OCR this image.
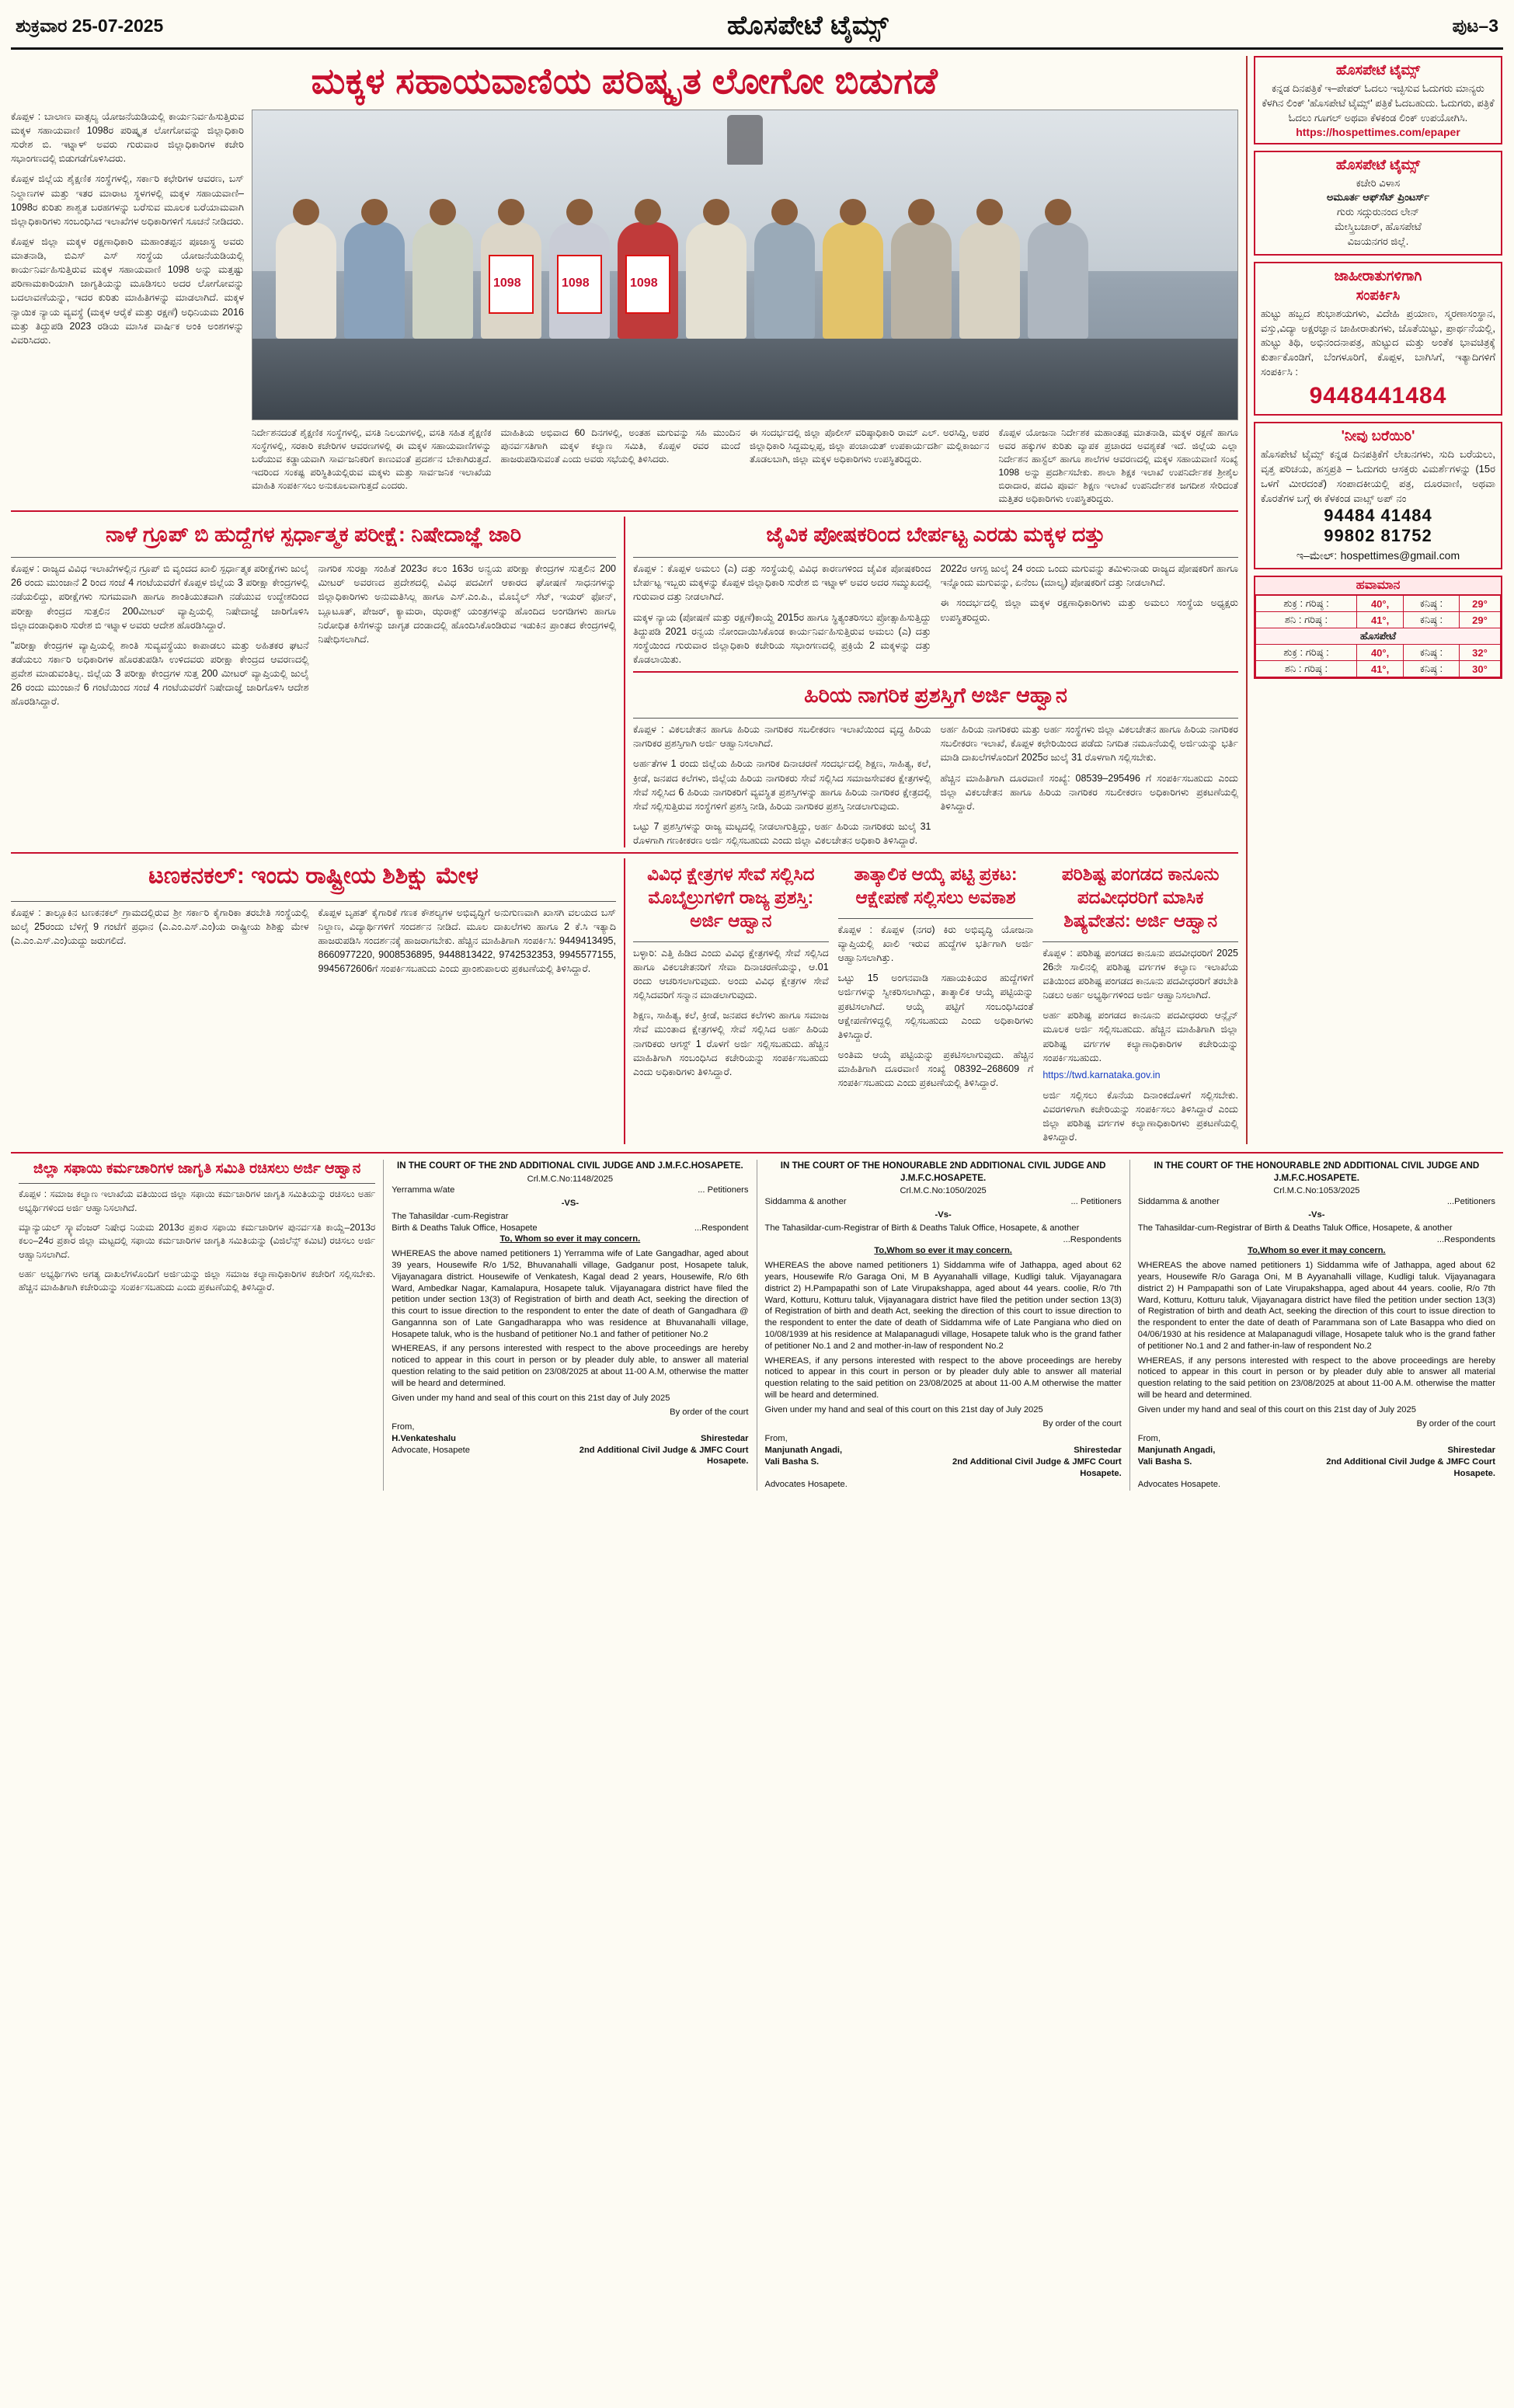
ಶುಕ್ರವಾರ 25-07-2025	ಹೊಸಪೇಟೆ ಟೈಮ್ಸ್	ಪುಟ–3
ಮಕ್ಕಳ ಸಹಾಯವಾಣಿಯ ಪರಿಷ್ಕೃತ ಲೋಗೋ ಬಿಡುಗಡೆ
ಕೊಪ್ಪಳ : ಬಾಲಾಣ ವಾತ್ಸಲ್ಯ ಯೋಜನೆಯಡಿಯಲ್ಲಿ ಕಾರ್ಯನಿರ್ವಹಿಸುತ್ತಿರುವ ಮಕ್ಕಳ ಸಹಾಯವಾಣಿ 1098ರ ಪರಿಷ್ಕೃತ ಲೋಗೋವನ್ನು ಜಿಲ್ಲಾಧಿಕಾರಿ ಸುರೇಶ ಬಿ. ಇಟ್ನಾಳ್ ಅವರು ಗುರುವಾರ ಜಿಲ್ಲಾಧಿಕಾರಿಗಳ ಕಚೇರಿ ಸಭಾಂಗಣದಲ್ಲಿ ಬಿಡುಗಡೆಗೊಳಿಸಿದರು.
ಕೊಪ್ಪಳ ಜಿಲ್ಲೆಯ ಶೈಕ್ಷಣಿಕ ಸಂಸ್ಥೆಗಳಲ್ಲಿ, ಸರ್ಕಾರಿ ಕಛೇರಿಗಳ ಆವರಣ, ಬಸ್ ನಿಲ್ದಾಣಗಳ ಮತ್ತು ಇತರ ಮಾರಾಟ ಸ್ಥಳಗಳಲ್ಲಿ ಮಕ್ಕಳ ಸಹಾಯವಾಣಿ–1098ರ ಕುರಿತು ಶಾಶ್ವತ ಬರಹಗಳನ್ನು ಬರೆಸುವ ಮೂಲಕ ಬರೆಯಾಮವಾಗಿ ಜಿಲ್ಲಾಧಿಕಾರಿಗಳು ಸಂಬಂಧಿಸಿದ ಇಲಾಖೆಗಳ ಅಧಿಕಾರಿಗಳಿಗೆ ಸೂಚನೆ ನೀಡಿದರು.
ಕೊಪ್ಪಳ ಜಿಲ್ಲಾ ಮಕ್ಕಳ ರಕ್ಷಣಾಧಿಕಾರಿ ಮಹಾಂತಪ್ಪನ ಪೂಜಾಸ್ಥ ಅವರು ಮಾತನಾಡಿ, ಬಿಎಸ್ ಎಸ್ ಸಂಸ್ಥೆಯ ಯೋಜನೆಯಡಿಯಲ್ಲಿ ಕಾರ್ಯನಿರ್ವಹಿಸುತ್ತಿರುವ ಮಕ್ಕಳ ಸಹಾಯವಾಣಿ 1098 ಅನ್ನು ಮತ್ತಷ್ಟು ಪರಿಣಾಮಕಾರಿಯಾಗಿ ಜಾಗೃತಿಯನ್ನು ಮೂಡಿಸಲು ಅದರ ಲೋಗೋವನ್ನು ಬದಲಾವಣೆಯನ್ನು, ಇದರ ಕುರಿತು ಮಾಹಿತಿಗಳನ್ನು ಮಾಡಲಾಗಿದೆ. ಮಕ್ಕಳ ನ್ಯಾಯಿಕ ನ್ಯಾಯ ವ್ಯವಸ್ಥೆ (ಮಕ್ಕಳ ಆರೈಕೆ ಮತ್ತು ರಕ್ಷಣೆ) ಅಧಿನಿಯಮ 2016 ಮತ್ತು ತಿದ್ದುಪಡಿ 2023 ರಡಿಯ ಮಾಸಿಕ ವಾರ್ಷಿಕ ಅಂಕಿ ಅಂಶಗಳನ್ನು ವಿವರಿಸಿದರು.
1098
1098
1098
ನಿರ್ದೇಶನದಂತೆ ಶೈಕ್ಷಣಿಕ ಸಂಸ್ಥೆಗಳಲ್ಲಿ, ವಸತಿ ನಿಲಯಗಳಲ್ಲಿ, ವಸತಿ ಸಹಿತ ಶೈಕ್ಷಣಿಕ ಸಂಸ್ಥೆಗಳಲ್ಲಿ, ಸರಕಾರಿ ಕಚೇರಿಗಳ ಆವರಣಗಳಲ್ಲಿ ಈ ಮಕ್ಕಳ ಸಹಾಯವಾಣಿಗಳನ್ನು ಬರೆಯುವ ಕಡ್ಡಾಯವಾಗಿ ಸಾರ್ವಜನಿಕರಿಗೆ ಕಾಣುವಂತೆ ಪ್ರದರ್ಶನ ಬೇಕಾಗಿರುತ್ತದೆ. ಇದರಿಂದ ಸಂಕಷ್ಟ ಪರಿಸ್ಥಿತಿಯಲ್ಲಿರುವ ಮಕ್ಕಳು ಮತ್ತು ಸಾರ್ವಜನಿಕ ಇಲಾಖೆಯ ಮಾಹಿತಿ ಸಂಪರ್ಕಿಸಲು ಅನುಕೂಲವಾಗುತ್ತದೆ ಎಂದರು.
ಮಾಹಿತಿಯ ಅಭಿವಾದ 60 ದಿನಗಳಲ್ಲಿ, ಅಂತಹ ಮಗುವನ್ನು ಸಹಿ ಮುಂದಿನ ಪುನರ್ವಸತಿಗಾಗಿ ಮಕ್ಕಳ ಕಲ್ಯಾಣ ಸಮಿತಿ, ಕೊಪ್ಪಳ ರವರ ಮಂದೆ ಹಾಜರುಪಡಿಸುವಂತೆ ಎಂದು ಅವರು ಸಭೆಯಲ್ಲಿ ತಿಳಿಸಿದರು.
ಈ ಸಂದರ್ಭದಲ್ಲಿ ಜಿಲ್ಲಾ ಪೊಲೀಸ್ ವರಿಷ್ಠಾಧಿಕಾರಿ ರಾಮ್ ಎಲ್. ಅರಸಿದ್ದಿ, ಅಪರ ಜಿಲ್ಲಾಧಿಕಾರಿ ಸಿದ್ದಮಲ್ಲಪ್ಪ, ಜಿಲ್ಲಾ ಪಂಚಾಯತ್ ಉಪಕಾರ್ಯದರ್ಶಿ ಮಲ್ಲಿಕಾರ್ಜುನ ತೊಡಲಬಾಗಿ, ಜಿಲ್ಲಾ ಮಕ್ಕಳ ಅಧಿಕಾರಿಗಳು ಉಪಸ್ಥಿತರಿದ್ದರು.
ಕೊಪ್ಪಳ ಯೋಜನಾ ನಿರ್ದೇಶಕ ಮಹಾಂತಪ್ಪ ಮಾತನಾಡಿ, ಮಕ್ಕಳ ರಕ್ಷಣೆ ಹಾಗೂ ಅವರ ಹಕ್ಕುಗಳ ಕುರಿತು ವ್ಯಾಪಕ ಪ್ರಚಾರದ ಅವಶ್ಯಕತೆ ಇದೆ. ಜಿಲ್ಲೆಯ ಎಲ್ಲಾ ನಿರ್ದೇಶನ ಹಾಸ್ಟೆಲ್ ಹಾಗೂ ಶಾಲೆಗಳ ಆವರಣದಲ್ಲಿ ಮಕ್ಕಳ ಸಹಾಯವಾಣಿ ಸಂಖ್ಯೆ 1098 ಅನ್ನು ಪ್ರದರ್ಶಿಸಬೇಕು. ಶಾಲಾ ಶಿಕ್ಷಕ ಇಲಾಖೆ ಉಪನಿರ್ದೇಶಕ ಶ್ರೀಶೈಲ ಬಿರಾದಾರ, ಪದವಿ ಪೂರ್ವ ಶಿಕ್ಷಣ ಇಲಾಖೆ ಉಪನಿರ್ದೇಶಕ ಜಗದೀಶ ಸೇರಿದಂತೆ ಮತ್ತಿತರ ಅಧಿಕಾರಿಗಳು ಉಪಸ್ಥಿತರಿದ್ದರು.
ನಾಳೆ ಗ್ರೂಪ್ ಬಿ ಹುದ್ದೆಗಳ ಸ್ಪರ್ಧಾತ್ಮಕ ಪರೀಕ್ಷೆ: ನಿಷೇದಾಜ್ಞೆ ಜಾರಿ
ಕೊಪ್ಪಳ : ರಾಜ್ಯದ ವಿವಿಧ ಇಲಾಖೆಗಳಲ್ಲಿನ ಗ್ರೂಪ್ ಬಿ ವೃಂದದ ಖಾಲಿ ಸ್ಪರ್ಧಾತ್ಮಕ ಪರೀಕ್ಷೆಗಳು ಜುಲೈ 26 ರಂದು ಮುಂಜಾನೆ 2 ರಿಂದ ಸಂಜೆ 4 ಗಂಟೆಯವರೆಗೆ ಕೊಪ್ಪಳ ಜಿಲ್ಲೆಯ 3 ಪರೀಕ್ಷಾ ಕೇಂದ್ರಗಳಲ್ಲಿ ನಡೆಯಲಿದ್ದು, ಪರೀಕ್ಷೆಗಳು ಸುಗಮವಾಗಿ ಹಾಗೂ ಶಾಂತಿಯುತವಾಗಿ ನಡೆಯುವ ಉದ್ದೇಶದಿಂದ ಪರೀಕ್ಷಾ ಕೇಂದ್ರದ ಸುತ್ತಲಿನ 200ಮೀಟರ್ ವ್ಯಾಪ್ತಿಯಲ್ಲಿ ನಿಷೇದಾಜ್ಞೆ ಜಾರಿಗೊಳಿಸಿ ಜಿಲ್ಲಾದಂಡಾಧಿಕಾರಿ ಸುರೇಶ ಬಿ ಇಟ್ನಾಳ ಅವರು ಆದೇಶ ಹೊರಡಿಸಿದ್ದಾರೆ.
"ಪರೀಕ್ಷಾ ಕೇಂದ್ರಗಳ ವ್ಯಾಪ್ತಿಯಲ್ಲಿ ಶಾಂತಿ ಸುವ್ಯವಸ್ಥೆಯು ಕಾಪಾಡಲು ಮತ್ತು ಅಹಿತಕರ ಘಟನೆ ತಡೆಯಲು ಸರ್ಕಾರಿ ಅಧಿಕಾರಿಗಳ ಹೊರತುಪಡಿಸಿ ಉಳಿದವರು ಪರೀಕ್ಷಾ ಕೇಂದ್ರದ ಆವರಣದಲ್ಲಿ ಪ್ರವೇಶ ಮಾಡುವಂತಿಲ್ಲ. ಜಿಲ್ಲೆಯ 3 ಪರೀಕ್ಷಾ ಕೇಂದ್ರಗಳ ಸುತ್ತ 200 ಮೀಟರ್ ವ್ಯಾಪ್ತಿಯಲ್ಲಿ ಜುಲೈ 26 ರಂದು ಮುಂಜಾನೆ 6 ಗಂಟೆಯಿಂದ ಸಂಜೆ 4 ಗಂಟೆಯವರೆಗೆ ನಿಷೇದಾಜ್ಞೆ ಜಾರಿಗೊಳಿಸಿ ಆದೇಶ ಹೊರಡಿಸಿದ್ದಾರೆ.
ನಾಗರಿಕ ಸುರಕ್ಷಾ ಸಂಹಿತೆ 2023ರ ಕಲಂ 163ರ ಅನ್ವಯ ಪರೀಕ್ಷಾ ಕೇಂದ್ರಗಳ ಸುತ್ತಲಿನ 200 ಮೀಟರ್ ಅವರಣದ ಪ್ರದೇಶದಲ್ಲಿ ವಿವಿಧ ಪದವೀಗೆ ಆಕಾರದ ಘೋಷಣೆ ಸಾಧನಗಳನ್ನು ಜಿಲ್ಲಾಧಿಕಾರಿಗಳು ಅನುಮತಿಸಿಲ್ಲ ಹಾಗೂ ಎಸ್.ಎಂ.ಪಿ., ಮೊಬೈಲ್ ಸೆಟ್, ಇಯರ್ ಫೋನ್, ಬ್ಲೂಟೂತ್, ಪೇಜರ್, ಕ್ಯಾಮರಾ, ಝರಾಕ್ಸ್ ಯಂತ್ರಗಳನ್ನು ಹೊಂದಿದ ಅಂಗಡಿಗಳು ಹಾಗೂ ನಿರೋಧಿತ ಕಿಸೆಗಳನ್ನು ಜಾಗೃತ ದಂಡಾದಲ್ಲಿ ಹೊಂದಿಸಿಕೊಂಡಿರುವ ಇಡುಕಿನ ಪ್ರಾಂತದ ಕೇಂದ್ರಗಳಲ್ಲಿ ನಿಷೇಧಿಸಲಾಗಿದೆ.
ಜೈವಿಕ ಪೋಷಕರಿಂದ ಬೇರ್ಪಟ್ಟ ಎರಡು ಮಕ್ಕಳ ದತ್ತು
ಕೊಪ್ಪಳ : ಕೊಪ್ಪಳ ಅಮಲು (ಎ) ದತ್ತು ಸಂಸ್ಥೆಯಲ್ಲಿ ವಿವಿಧ ಕಾರಣಗಳಿಂದ ಜೈವಿಕ ಪೋಷಕರಿಂದ ಬೇರ್ಪಟ್ಟ ಇಬ್ಬರು ಮಕ್ಕಳನ್ನು ಕೊಪ್ಪಳ ಜಿಲ್ಲಾಧಿಕಾರಿ ಸುರೇಶ ಬಿ ಇಟ್ನಾಳ್ ಅವರ ಅದರ ಸಮ್ಮುಖದಲ್ಲಿ ಗುರುವಾರ ದತ್ತು ನೀಡಲಾಗಿದೆ.
ಮಕ್ಕಳ ನ್ಯಾಯ (ಪೋಷಣೆ ಮತ್ತು ರಕ್ಷಣೆ)ಕಾಯ್ದೆ 2015ರ ಹಾಗೂ ಸ್ಥಿತ್ಯಂತರಿಸಲು ಪ್ರೋತ್ಸಾಹಿಸುತ್ತಿದ್ದು ತಿದ್ದುಪಡಿ 2021 ರನ್ವಯ ನೋಂದಾಯಿಸಿಕೊಂಡ ಕಾರ್ಯನಿರ್ವಹಿಸುತ್ತಿರುವ ಅಮಲು (ಎ) ದತ್ತು ಸಂಸ್ಥೆಯಿಂದ ಗುರುವಾರ ಜಿಲ್ಲಾಧಿಕಾರಿ ಕಚೇರಿಯ ಸಭಾಂಗಣದಲ್ಲಿ ಪ್ರಕ್ರಿಯೆ 2 ಮಕ್ಕಳನ್ನು ದತ್ತು ಕೊಡಲಾಯಿತು.
2022ರ ಆಗಸ್ಟ ಜುಲೈ 24 ರಂದು ಒಂದು ಮಗುವನ್ನು ತಮಿಳುನಾಡು ರಾಜ್ಯದ ಪೋಷಕರಿಗೆ ಹಾಗೂ ಇನ್ನೊಂದು ಮಗುವನ್ನು, ಏನೆಂಬ (ಮಾಲ್ಯ) ಪೋಷಕರಿಗೆ ದತ್ತು ನೀಡಲಾಗಿದೆ.
ಈ ಸಂದರ್ಭದಲ್ಲಿ ಜಿಲ್ಲಾ ಮಕ್ಕಳ ರಕ್ಷಣಾಧಿಕಾರಿಗಳು ಮತ್ತು ಅಮಲು ಸಂಸ್ಥೆಯ ಅಧ್ಯಕ್ಷರು ಉಪಸ್ಥಿತರಿದ್ದರು.
ಹಿರಿಯ ನಾಗರಿಕ ಪ್ರಶಸ್ತಿಗೆ ಅರ್ಜಿ ಆಹ್ವಾನ
ಕೊಪ್ಪಳ : ವಿಕಲಚೇತನ ಹಾಗೂ ಹಿರಿಯ ನಾಗರಿಕರ ಸಬಲೀಕರಣ ಇಲಾಖೆಯಿಂದ ವೃದ್ಧ ಹಿರಿಯ ನಾಗರಿಕರ ಪ್ರಶಸ್ತಿಗಾಗಿ ಅರ್ಜಿ ಆಹ್ವಾನಿಸಲಾಗಿದೆ.
ಅರ್ಹತೆಗಳ 1 ರಂದು ಜಿಲ್ಲೆಯ ಹಿರಿಯ ನಾಗರಿಕ ದಿನಾಚರಣೆ ಸಂದರ್ಭದಲ್ಲಿ ಶಿಕ್ಷಣ, ಸಾಹಿತ್ಯ, ಕಲೆ, ಕ್ರೀಡೆ, ಜನಪದ ಕಲೆಗಳು, ಜಿಲ್ಲೆಯ ಹಿರಿಯ ನಾಗರಿಕರು ಸೇವೆ ಸಲ್ಲಿಸಿದ ಸಮಾಜಸೇವಕರ ಕ್ಷೇತ್ರಗಳಲ್ಲಿ ಸೇವೆ ಸಲ್ಲಿಸಿದ 6 ಹಿರಿಯ ನಾಗರಿಕರಿಗೆ ವ್ಯವಸ್ಥಿತ ಪ್ರಶಸ್ತಿಗಳನ್ನು ಹಾಗೂ ಹಿರಿಯ ನಾಗರಿಕರ ಕ್ಷೇತ್ರದಲ್ಲಿ ಸೇವೆ ಸಲ್ಲಿಸುತ್ತಿರುವ ಸಂಸ್ಥೆಗಳಿಗೆ ಪ್ರಶಸ್ತಿ ನೀಡಿ, ಹಿರಿಯ ನಾಗರಿಕರ ಪ್ರಶಸ್ತಿ ನೀಡಲಾಗುವುದು.
ಒಟ್ಟು 7 ಪ್ರಶಸ್ತಿಗಳನ್ನು ರಾಜ್ಯ ಮಟ್ಟದಲ್ಲಿ ನೀಡಲಾಗುತ್ತಿದ್ದು, ಅರ್ಹ ಹಿರಿಯ ನಾಗರಿಕರು ಜುಲೈ 31 ರೊಳಗಾಗಿ ಗಣಕೀಕರಣ ಅರ್ಜಿ ಸಲ್ಲಿಸಬಹುದು ಎಂದು ಜಿಲ್ಲಾ ವಿಕಲಚೇತನ ಅಧಿಕಾರಿ ತಿಳಿಸಿದ್ದಾರೆ.
ಅರ್ಹ ಹಿರಿಯ ನಾಗರಿಕರು ಮತ್ತು ಅರ್ಹ ಸಂಸ್ಥೆಗಳು ಜಿಲ್ಲಾ ವಿಕಲಚೇತನ ಹಾಗೂ ಹಿರಿಯ ನಾಗರಿಕರ ಸಬಲೀಕರಣ ಇಲಾಖೆ, ಕೊಪ್ಪಳ ಕಛೇರಿಯಿಂದ ಪಡೆದು ನಿಗದಿತ ನಮೂನೆಯಲ್ಲಿ ಅರ್ಜಿಯನ್ನು ಭರ್ತಿ ಮಾಡಿ ದಾಖಲೆಗಳೊಂದಿಗೆ 2025ರ ಜುಲೈ 31 ರೊಳಗಾಗಿ ಸಲ್ಲಿಸಬೇಕು.
ಹೆಚ್ಚಿನ ಮಾಹಿತಿಗಾಗಿ ದೂರವಾಣಿ ಸಂಖ್ಯೆ: 08539–295496 ಗೆ ಸಂಪರ್ಕಿಸಬಹುದು ಎಂದು ಜಿಲ್ಲಾ ವಿಕಲಚೇತನ ಹಾಗೂ ಹಿರಿಯ ನಾಗರಿಕರ ಸಬಲೀಕರಣ ಅಧಿಕಾರಿಗಳು ಪ್ರಕಟಣೆಯಲ್ಲಿ ತಿಳಿಸಿದ್ದಾರೆ.
ಟಣಕನಕಲ್: ಇಂದು ರಾಷ್ಟ್ರೀಯ ಶಿಶಿಕ್ಷು ಮೇಳ
ಕೊಪ್ಪಳ : ತಾಲ್ಲೂಕಿನ ಟಣಕನಕಲ್ ಗ್ರಾಮದಲ್ಲಿರುವ ಶ್ರೀ ಸರ್ಕಾರಿ ಕೈಗಾರಿಕಾ ತರಬೇತಿ ಸಂಸ್ಥೆಯಲ್ಲಿ ಜುಲೈ 25ರಂದು ಬೆಳಿಗ್ಗೆ 9 ಗಂಟೆಗೆ ಪ್ರಧಾನ (ಎ.ಎಂ.ಎಸ್.ಎಂ)ಯ ರಾಷ್ಟ್ರೀಯ ಶಿಶಿಕ್ಷು ಮೇಳ (ಎ.ಎಂ.ಎಸ್.ಎಂ)ಯದ್ದು ಜರುಗಲಿದೆ.
ಕೊಪ್ಪಳ ಬೃಹತ್ ಕೈಗಾರಿಕೆ ಗಣಕ ಕೌಶಲ್ಯಗಳ ಅಭಿವೃದ್ಧಿಗೆ ಅನುಗುಣವಾಗಿ ಖಾಸಗಿ ವಲಯದ ಬಸ್ ನಿಲ್ದಾಣ, ವಿದ್ಯಾರ್ಥಿಗಳಿಗೆ ಸಂದರ್ಶನ ನೀಡಿದೆ. ಮೂಲ ದಾಖಲೆಗಳು ಹಾಗೂ 2 ಕೆ.ಸಿ ಇತ್ಯಾದಿ ಹಾಜರುಪಡಿಸಿ ಸಂದರ್ಶನಕ್ಕೆ ಹಾಜರಾಗಬೇಕು. ಹೆಚ್ಚಿನ ಮಾಹಿತಿಗಾಗಿ ಸಂಪರ್ಕಿಸಿ: 9449413495, 8660977220, 9008536895, 9448813422, 9742532353, 9945577155, 9945672606ಗೆ ಸಂಪರ್ಕಿಸಬಹುದು ಎಂದು ಪ್ರಾಂಶುಪಾಲರು ಪ್ರಕಟಣೆಯಲ್ಲಿ ತಿಳಿಸಿದ್ದಾರೆ.
ವಿವಿಧ ಕ್ಷೇತ್ರಗಳ ಸೇವೆ ಸಲ್ಲಿಸಿದ ಮೊಬೈಲ್ರುಗಳಿಗೆ ರಾಜ್ಯ ಪ್ರಶಸ್ತಿ: ಅರ್ಜಿ ಆಹ್ವಾನ
ಬಳ್ಳಾರಿ: ಎತ್ತಿ ಹಿಡಿದ ಎಂದು ವಿವಿಧ ಕ್ಷೇತ್ರಗಳಲ್ಲಿ ಸೇವೆ ಸಲ್ಲಿಸಿದ ಹಾಗೂ ವಿಕಲಚೇತನರಿಗೆ ಸೇವಾ ದಿನಾಚರಣೆಯನ್ನು, ಆ.01 ರಂದು ಆಚರಿಸಲಾಗುವುದು. ಅಂದು ವಿವಿಧ ಕ್ಷೇತ್ರಗಳ ಸೇವೆ ಸಲ್ಲಿಸಿದವರಿಗೆ ಸನ್ಮಾನ ಮಾಡಲಾಗುವುದು.
ಶಿಕ್ಷಣ, ಸಾಹಿತ್ಯ, ಕಲೆ, ಕ್ರೀಡೆ, ಜನಪದ ಕಲೆಗಳು ಹಾಗೂ ಸಮಾಜ ಸೇವೆ ಮುಂತಾದ ಕ್ಷೇತ್ರಗಳಲ್ಲಿ ಸೇವೆ ಸಲ್ಲಿಸಿದ ಅರ್ಹ ಹಿರಿಯ ನಾಗರಿಕರು ಆಗಸ್ಟ್ 1 ರೊಳಗೆ ಅರ್ಜಿ ಸಲ್ಲಿಸಬಹುದು. ಹೆಚ್ಚಿನ ಮಾಹಿತಿಗಾಗಿ ಸಂಬಂಧಿಸಿದ ಕಚೇರಿಯನ್ನು ಸಂಪರ್ಕಿಸಬಹುದು ಎಂದು ಅಧಿಕಾರಿಗಳು ತಿಳಿಸಿದ್ದಾರೆ.
ತಾತ್ಕಾಲಿಕ ಆಯ್ಕೆ ಪಟ್ಟಿ ಪ್ರಕಟ: ಆಕ್ಷೇಪಣೆ ಸಲ್ಲಿಸಲು ಅವಕಾಶ
ಕೊಪ್ಪಳ : ಕೊಪ್ಪಳ (ನಗರ) ಕಿರು ಅಭಿವೃದ್ಧಿ ಯೋಜನಾ ವ್ಯಾಪ್ತಿಯಲ್ಲಿ ಖಾಲಿ ಇರುವ ಹುದ್ದೆಗಳ ಭರ್ತಿಗಾಗಿ ಅರ್ಜಿ ಆಹ್ವಾನಿಸಲಾಗಿತ್ತು.
ಒಟ್ಟು 15 ಅಂಗನವಾಡಿ ಸಹಾಯಕಿಯರ ಹುದ್ದೆಗಳಿಗೆ ಅರ್ಜಿಗಳನ್ನು ಸ್ವೀಕರಿಸಲಾಗಿದ್ದು, ತಾತ್ಕಾಲಿಕ ಆಯ್ಕೆ ಪಟ್ಟಿಯನ್ನು ಪ್ರಕಟಿಸಲಾಗಿದೆ. ಆಯ್ಕೆ ಪಟ್ಟಿಗೆ ಸಂಬಂಧಿಸಿದಂತೆ ಆಕ್ಷೇಪಣೆಗಳಿದ್ದಲ್ಲಿ ಸಲ್ಲಿಸಬಹುದು ಎಂದು ಅಧಿಕಾರಿಗಳು ತಿಳಿಸಿದ್ದಾರೆ.
ಅಂತಿಮ ಆಯ್ಕೆ ಪಟ್ಟಿಯನ್ನು ಪ್ರಕಟಿಸಲಾಗುವುದು. ಹೆಚ್ಚಿನ ಮಾಹಿತಿಗಾಗಿ ದೂರವಾಣಿ ಸಂಖ್ಯೆ 08392–268609 ಗೆ ಸಂಪರ್ಕಿಸಬಹುದು ಎಂದು ಪ್ರಕಟಣೆಯಲ್ಲಿ ತಿಳಿಸಿದ್ದಾರೆ.
ಪರಿಶಿಷ್ಟ ಪಂಗಡದ ಕಾನೂನು ಪದವೀಧರರಿಗೆ ಮಾಸಿಕ ಶಿಷ್ಯವೇತನ: ಅರ್ಜಿ ಆಹ್ವಾನ
ಕೊಪ್ಪಳ : ಪರಿಶಿಷ್ಟ ಪಂಗಡದ ಕಾನೂನು ಪದವೀಧರರಿಗೆ 2025 26ನೇ ಸಾಲಿನಲ್ಲಿ ಪರಿಶಿಷ್ಟ ವರ್ಗಗಳ ಕಲ್ಯಾಣ ಇಲಾಖೆಯ ವತಿಯಿಂದ ಪರಿಶಿಷ್ಟ ಪಂಗಡದ ಕಾನೂನು ಪದವೀಧರರಿಗೆ ತರಬೇತಿ ನಿಡಲು ಅರ್ಹ ಅಭ್ಯರ್ಥಿಗಳಿಂದ ಅರ್ಜಿ ಆಹ್ವಾನಿಸಲಾಗಿದೆ.
ಅರ್ಹ ಪರಿಶಿಷ್ಟ ಪಂಗಡದ ಕಾನೂನು ಪದವೀಧರರು ಆನ್ಲೈನ್ ಮೂಲಕ ಅರ್ಜಿ ಸಲ್ಲಿಸಬಹುದು. ಹೆಚ್ಚಿನ ಮಾಹಿತಿಗಾಗಿ ಜಿಲ್ಲಾ ಪರಿಶಿಷ್ಟ ವರ್ಗಗಳ ಕಲ್ಯಾಣಾಧಿಕಾರಿಗಳ ಕಚೇರಿಯನ್ನು ಸಂಪರ್ಕಿಸಬಹುದು.
https://twd.karnataka.gov.in
ಅರ್ಜಿ ಸಲ್ಲಿಸಲು ಕೊನೆಯ ದಿನಾಂಕದೊಳಗೆ ಸಲ್ಲಿಸಬೇಕು. ವಿವರಗಳಿಗಾಗಿ ಕಚೇರಿಯನ್ನು ಸಂಪರ್ಕಿಸಲು ತಿಳಿಸಿದ್ದಾರೆ ಎಂದು ಜಿಲ್ಲಾ ಪರಿಶಿಷ್ಟ ವರ್ಗಗಳ ಕಲ್ಯಾಣಾಧಿಕಾರಿಗಳು ಪ್ರಕಟಣೆಯಲ್ಲಿ ತಿಳಿಸಿದ್ದಾರೆ.
ಹೊಸಪೇಟೆ ಟೈಮ್ಸ್
ಕನ್ನಡ ದಿನಪತ್ರಿಕೆ ಇ–ಪೇಪರ್ ಓದಲು ಇಚ್ಛಿಸುವ ಓದುಗರು ಮಾನ್ಯರು ಕೆಳಗಿನ ಲಿಂಕ್ 'ಹೊಸಪೇಟೆ ಟೈಮ್ಸ್' ಪತ್ರಿಕೆ ಓದಬಹುದು. ಓದುಗರು, ಪತ್ರಿಕೆ ಓದಲು ಗೂಗಲ್ ಅಥವಾ ಕೆಳಕಂಡ ಲಿಂಕ್ ಉಪಯೋಗಿಸಿ.
https://hospettimes.com/epaper
ಹೊಸಪೇಟೆ ಟೈಮ್ಸ್
ಕಚೇರಿ ವಿಳಾಸ
ಅಮೂರ್ತ ಆಫ್‌ಸೆಟ್ ಪ್ರಿಂಟರ್ಸ್
ಗುರು ಸದ್ಗುರುನಂದ ಲೇನ್
ಮೇಸ್ತ್ರಿಬಜಾರ್, ಹೊಸಪೇಟೆ
ವಿಜಯನಗರ ಜಿಲ್ಲೆ.
ಜಾಹೀರಾತುಗಳಿಗಾಗಿ
ಸಂಪರ್ಕಿಸಿ
ಹುಟ್ಟು ಹಬ್ಬದ ಶುಭಾಶಯಗಳು, ವಿದೇಹಿ ಪ್ರಯಾಣ, ಸ್ಮರಣಾಸಂಸ್ಥಾನ, ವಸ್ತು,ವಿದ್ಯಾ ಅಕ್ಷರಜ್ಞಾನ ಜಾಹೀರಾತುಗಳು, ಜೊತೆಯಿಟ್ಟು, ಪ್ರಾರ್ಥನೆಯಲ್ಲಿ, ಹುಟ್ಟು ತಿಥಿ, ಅಭಿನಂದನಾಪತ್ರ, ಹುಟ್ಟುದ ಮತ್ತು ಅಂತೆಕ ಭಾವಚಿತ್ರಕ್ಕೆ ಕುರ್ತಾಕೊಂಡಿಗೆ, ಬೆಂಗಳೂರಿಗೆ, ಕೊಪ್ಪಳ, ಬಾಗಿಸಿಗೆ, ಇತ್ಯಾದಿಗಳಿಗೆ ಸಂಪರ್ಕಿಸಿ :
9448441484
'ನೀವು ಬರೆಯಿರಿ'
ಹೊಸಪೇಟೆ ಟೈಮ್ಸ್ ಕನ್ನಡ ದಿನಪತ್ರಿಕೆಗೆ ಲೇಖನಗಳು, ಸುದಿ ಬರೆಯಲು, ವೃತ್ತ ಪರಿಚಯ, ಹಸ್ತಪ್ರತಿ – ಓದುಗರು ಆಸಕ್ತರು ವಿಮರ್ಶೆಗಳನ್ನು (15ರ ಒಳಗೆ ಮೀರದಂತೆ) ಸಂಪಾದಕೀಯಲ್ಲಿ ಪತ್ರ, ದೂರವಾಣಿ, ಅಥವಾ ಕೊರತೆಗಳ ಬಗ್ಗೆ ಈ ಕೆಳಕಂಡ ವಾಟ್ಸ್ ಅಪ್ ನಂ
94484 41484
99802 81752
ಇ–ಮೇಲ್: hospettimes@gmail.com
ಹವಾಮಾನ
ಶುಕ್ರ : ಗರಿಷ್ಠ :	40°,	ಕನಿಷ್ಠ :	29°
ಶನಿ : ಗರಿಷ್ಠ :	41°,	ಕನಿಷ್ಠ :	29°
ಹೊಸಪೇಟೆ			
ಶುಕ್ರ : ಗರಿಷ್ಠ :	40°,	ಕನಿಷ್ಠ :	32°
ಶನಿ : ಗರಿಷ್ಠ :	41°,	ಕನಿಷ್ಠ :	30°
ಜಿಲ್ಲಾ ಸಫಾಯಿ ಕರ್ಮಚಾರಿಗಳ ಜಾಗೃತಿ ಸಮಿತಿ ರಚಿಸಲು ಅರ್ಜಿ ಆಹ್ವಾನ
ಕೊಪ್ಪಳ : ಸಮಾಜ ಕಲ್ಯಾಣ ಇಲಾಖೆಯ ವತಿಯಿಂದ ಜಿಲ್ಲಾ ಸಫಾಯಿ ಕರ್ಮಚಾರಿಗಳ ಜಾಗೃತಿ ಸಮಿತಿಯನ್ನು ರಚಿಸಲು ಅರ್ಹ ಅಭ್ಯರ್ಥಿಗಳಿಂದ ಅರ್ಜಿ ಆಹ್ವಾನಿಸಲಾಗಿದೆ.
ಮ್ಯಾನ್ಯುಯಲ್ ಸ್ಕ್ಯಾವೆಂಜರ್ ನಿಷೇಧ ನಿಯಮ 2013ರ ಪ್ರಕಾರ ಸಫಾಯಿ ಕರ್ಮಚಾರಿಗಳ ಪುನರ್ವಸತಿ ಕಾಯ್ದೆ–2013ರ ಕಲಂ–24ರ ಪ್ರಕಾರ ಜಿಲ್ಲಾ ಮಟ್ಟದಲ್ಲಿ ಸಫಾಯಿ ಕರ್ಮಚಾರಿಗಳ ಜಾಗೃತಿ ಸಮಿತಿಯನ್ನು (ವಿಜಿಲೆನ್ಸ್ ಕಮಿಟಿ) ರಚಿಸಲು ಅರ್ಜಿ ಆಹ್ವಾನಿಸಲಾಗಿದೆ.
ಅರ್ಹ ಅಭ್ಯರ್ಥಿಗಳು ಅಗತ್ಯ ದಾಖಲೆಗಳೊಂದಿಗೆ ಅರ್ಜಿಯನ್ನು ಜಿಲ್ಲಾ ಸಮಾಜ ಕಲ್ಯಾಣಾಧಿಕಾರಿಗಳ ಕಚೇರಿಗೆ ಸಲ್ಲಿಸಬೇಕು. ಹೆಚ್ಚಿನ ಮಾಹಿತಿಗಾಗಿ ಕಚೇರಿಯನ್ನು ಸಂಪರ್ಕಿಸಬಹುದು ಎಂದು ಪ್ರಕಟಣೆಯಲ್ಲಿ ತಿಳಿಸಿದ್ದಾರೆ.
IN THE COURT OF THE 2ND ADDITIONAL CIVIL JUDGE AND J.M.F.C.HOSAPETE.
Crl.M.C.No:1148/2025
Yerramma w/ate	... Petitioners
-VS-
The Tahasildar -cum-Registrar
Birth & Deaths Taluk Office, Hosapete	...Respondent
To, Whom so ever it may concern.

WHEREAS the above named petitioners 1) Yerramma wife of Late Gangadhar, aged about 39 years, Housewife R/o 1/52, Bhuvanahalli village, Gadganur post, Hosapete taluk, Vijayanagara district. Housewife of Venkatesh, Kagal dead 2 years, Housewife, R/o 6th Ward, Ambedkar Nagar, Kamalapura, Hosapete taluk. Vijayanagara district have filed the petition under section 13(3) of Registration of birth and death Act, seeking the direction of this court to issue direction to the respondent to enter the date of death of Gangadhara @ Gangannna son of Late Gangadharappa who was residence at Bhuvanahalli village, Hosapete taluk, who is the husband of petitioner No.1 and father of petitioner No.2

WHEREAS, if any persons interested with respect to the above proceedings are hereby noticed to appear in this court in person or by pleader duly able, to answer all material question relating to the said petition on 23/08/2025 at about 11-00 A.M, otherwise the matter will be heard and determined.

Given under my hand and seal of this court on this 21st day of July 2025

By order of the court
From,
H.Venkateshalu	Shirestedar
Advocate, Hosapete	2nd Additional Civil Judge & JMFC Court Hosapete.
IN THE COURT OF THE HONOURABLE 2ND ADDITIONAL CIVIL JUDGE AND J.M.F.C.HOSAPETE.
Crl.M.C.No:1050/2025
Siddamma & another	... Petitioners
-Vs-
The Tahasildar-cum-Registrar of Birth & Deaths Taluk Office, Hosapete, & another
...Respondents
To,Whom so ever it may concern.

WHEREAS the above named petitioners 1) Siddamma wife of Jathappa, aged about 62 years, Housewife R/o Garaga Oni, M B Ayyanahalli village, Kudligi taluk. Vijayanagara district 2) H.Pampapathi son of Late Virupakshappa, aged about 44 years. coolie, R/o 7th Ward, Kotturu, Kotturu taluk, Vijayanagara district have filed the petition under section 13(3) of Registration of birth and death Act, seeking the direction of this court to issue direction to the respondent to enter the date of death of Siddamma wife of Late Pangiana who died on 10/08/1939 at his residence at Malapanagudi village, Hosapete taluk who is the grand father of petitioner No.1 and 2 and mother-in-law of respondent No.2

WHEREAS, if any persons interested with respect to the above proceedings are hereby noticed to appear in this court in person or by pleader duly able to answer all material question relating to the said petition on 23/08/2025 at about 11-00 A.M otherwise the matter will be heard and determined.

Given under my hand and seal of this court on this 21st day of July 2025

By order of the court
From,
Manjunath Angadi,	Shirestedar
Vali Basha S.	2nd Additional Civil Judge & JMFC Court Hosapete.
Advocates Hosapete.
IN THE COURT OF THE HONOURABLE 2ND ADDITIONAL CIVIL JUDGE AND J.M.F.C.HOSAPETE.
Crl.M.C.No:1053/2025
Siddamma & another	...Petitioners
-Vs-
The Tahasildar-cum-Registrar of Birth & Deaths Taluk Office, Hosapete, & another
...Respondents
To,Whom so ever it may concern.

WHEREAS the above named petitioners 1) Siddamma wife of Jathappa, aged about 62 years, Housewife R/o Garaga Oni, M B Ayyanahalli village, Kudligi taluk. Vijayanagara district 2) H Pampapathi son of Late Virupakshappa, aged about 44 years. coolie, R/o 7th Ward, Kotturu, Kotturu taluk, Vijayanagara district have filed the petition under section 13(3) of Registration of birth and death Act, seeking the direction of this court to issue direction to the respondent to enter the date of death of Parammana son of Late Basappa who died on 04/06/1930 at his residence at Malapanagudi village, Hosapete taluk who is the grand father of petitioner No.1 and 2 and father-in-law of respondent No.2

WHEREAS, if any persons interested with respect to the above proceedings are hereby noticed to appear in this court in person or by pleader duly able to answer all material question relating to the said petition on 23/08/2025 at about 11-00 A.M. otherwise the matter will be heard and determined.

Given under my hand and seal of this court on this 21st day of July 2025

By order of the court
From,
Manjunath Angadi,	Shirestedar
Vali Basha S.	2nd Additional Civil Judge & JMFC Court Hosapete.
Advocates Hosapete.
